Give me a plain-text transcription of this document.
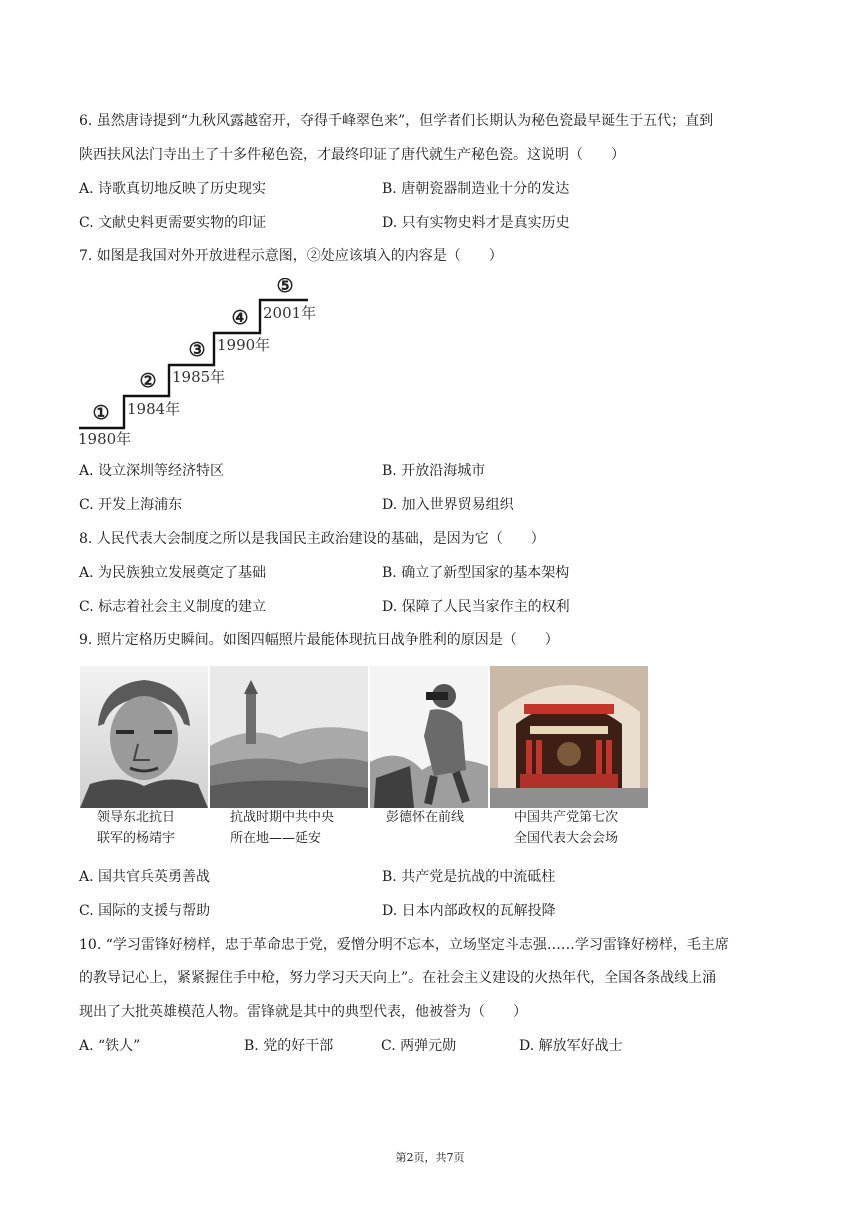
6. 虽然唐诗提到“九秋风露越窑开，夺得千峰翠色来”，但学者们长期认为秘色瓷最早诞生于五代；直到
陕西扶风法门寺出土了十多件秘色瓷，才最终印证了唐代就生产秘色瓷。这说明（　　）
A. 诗歌真切地反映了历史现实	B. 唐朝瓷器制造业十分的发达
C. 文献史料更需要实物的印证	D. 只有实物史料才是真实历史
7. 如图是我国对外开放进程示意图，②处应该填入的内容是（　　）
①
②
③
④
⑤
1980年
1984年
1985年
1990年
2001年
A. 设立深圳等经济特区	B. 开放沿海城市
C. 开发上海浦东	D. 加入世界贸易组织
8. 人民代表大会制度之所以是我国民主政治建设的基础，是因为它（　　）
A. 为民族独立发展奠定了基础	B. 确立了新型国家的基本架构
C. 标志着社会主义制度的建立	D. 保障了人民当家作主的权利
9. 照片定格历史瞬间。如图四幅照片最能体现抗日战争胜利的原因是（　　）
领导东北抗日
联军的杨靖宇
抗战时期中共中央
所在地——延安
彭德怀在前线	中国共产党第七次
全国代表大会会场
A. 国共官兵英勇善战	B. 共产党是抗战的中流砥柱
C. 国际的支援与帮助	D. 日本内部政权的瓦解投降
10. “学习雷锋好榜样，忠于革命忠于党，爱憎分明不忘本，立场坚定斗志强……学习雷锋好榜样，毛主席
的教导记心上，紧紧握住手中枪，努力学习天天向上”。在社会主义建设的火热年代，全国各条战线上涌
现出了大批英雄模范人物。雷锋就是其中的典型代表，他被誉为（　　）
A. “铁人”	B. 党的好干部	C. 两弹元勋	D. 解放军好战士
第2页，共7页
